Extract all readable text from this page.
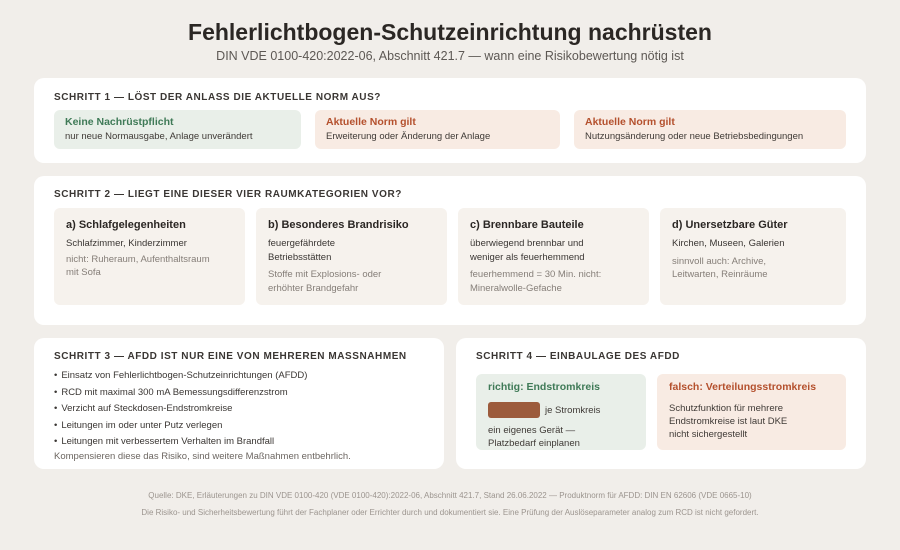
Fehlerlichtbogen-Schutzeinrichtung nachrüsten
DIN VDE 0100-420:2022-06, Abschnitt 421.7 — wann eine Risikobewertung nötig ist
SCHRITT 1 — LÖST DER ANLASS DIE AKTUELLE NORM AUS?
Keine Nachrüstpflicht
nur neue Normausgabe, Anlage unverändert
Aktuelle Norm gilt
Erweiterung oder Änderung der Anlage
Aktuelle Norm gilt
Nutzungsänderung oder neue Betriebsbedingungen
SCHRITT 2 — LIEGT EINE DIESER VIER RAUMKATEGORIEN VOR?
a) Schlafgelegenheiten
Schlafzimmer, Kinderzimmer
nicht: Ruheraum, Aufenthaltsraum mit Sofa
b) Besonderes Brandrisiko
feuergefährdete Betriebsstätten
Stoffe mit Explosions- oder erhöhter Brandgefahr
c) Brennbare Bauteile
überwiegend brennbar und weniger als feuerhemmend
feuerhemmend = 30 Min. nicht: Mineralwolle-Gefache
d) Unersetzbare Güter
Kirchen, Museen, Galerien
sinnvoll auch: Archive, Leitwarten, Reinräume
SCHRITT 3 — AFDD IST NUR EINE VON MEHREREN MASSNAHMEN
• Einsatz von Fehlerlichtbogen-Schutzeinrichtungen (AFDD)
• RCD mit maximal 300 mA Bemessungsdifferenzstrom
• Verzicht auf Steckdosen-Endstromkreise
• Leitungen im oder unter Putz verlegen
• Leitungen mit verbessertem Verhalten im Brandfall
Kompensieren diese das Risiko, sind weitere Maßnahmen entbehrlich.
SCHRITT 4 — EINBAULAGE DES AFDD
richtig: Endstromkreis
je Stromkreis
ein eigenes Gerät — Platzbedarf einplanen
falsch: Verteilungsstromkreis
Schutzfunktion für mehrere Endstromkreise ist laut DKE nicht sichergestellt
Quelle: DKE, Erläuterungen zu DIN VDE 0100-420 (VDE 0100-420):2022-06, Abschnitt 421.7, Stand 26.06.2022 — Produktnorm für AFDD: DIN EN 62606 (VDE 0665-10)
Die Risiko- und Sicherheitsbewertung führt der Fachplaner oder Errichter durch und dokumentiert sie. Eine Prüfung der Auslöseparameter analog zum RCD ist nicht gefordert.
